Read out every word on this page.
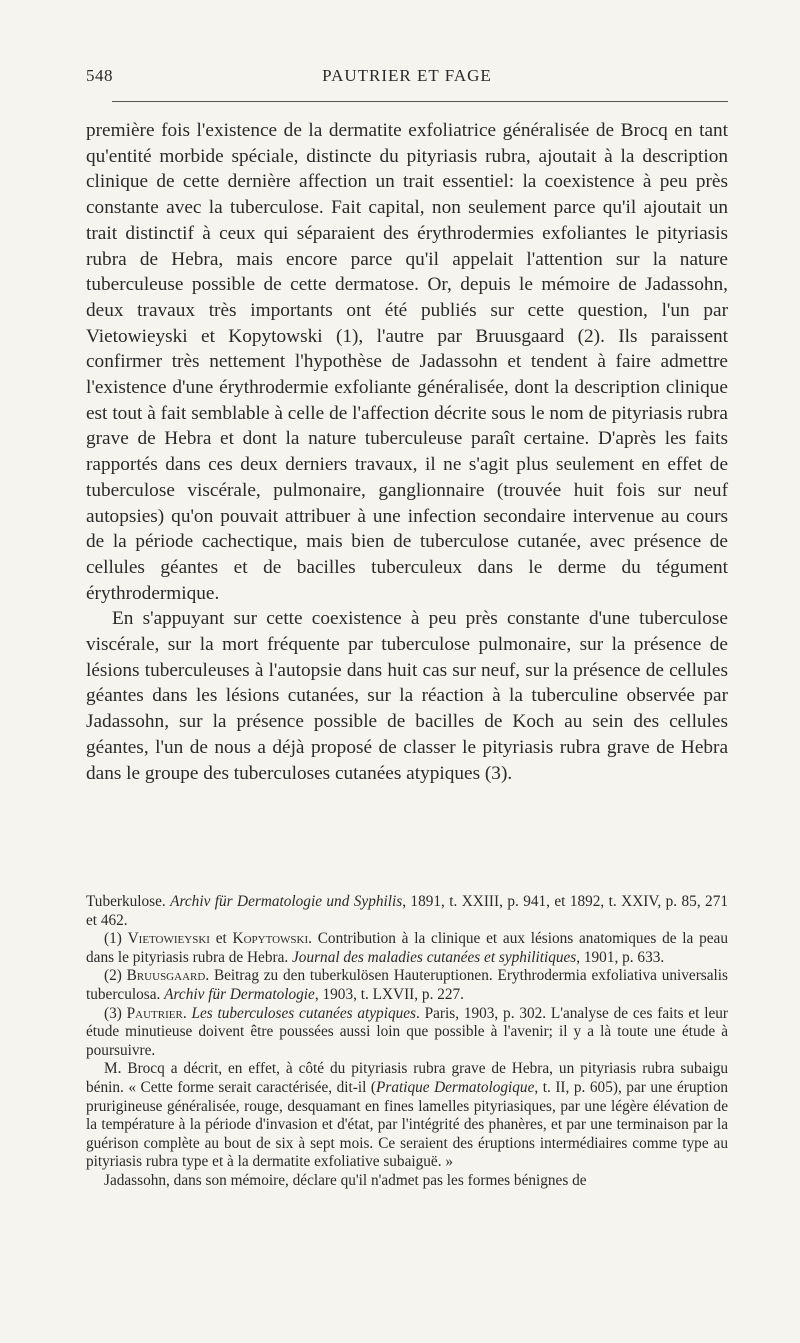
548	PAUTRIER ET FAGE

première fois l'existence de la dermatite exfoliatrice généralisée de Brocq en tant qu'entité morbide spéciale, distincte du pityriasis rubra, ajoutait à la description clinique de cette dernière affection un trait essentiel: la coexistence à peu près constante avec la tuberculose. Fait capital, non seulement parce qu'il ajoutait un trait distinctif à ceux qui séparaient des érythrodermies exfoliantes le pityriasis rubra de Hebra, mais encore parce qu'il appelait l'attention sur la nature tuberculeuse possible de cette dermatose. Or, depuis le mémoire de Jadassohn, deux travaux très importants ont été publiés sur cette question, l'un par Vietowieyski et Kopytowski (1), l'autre par Bruusgaard (2). Ils paraissent confirmer très nettement l'hypothèse de Jadassohn et tendent à faire admettre l'existence d'une érythrodermie exfoliante généralisée, dont la description clinique est tout à fait semblable à celle de l'affection décrite sous le nom de pityriasis rubra grave de Hebra et dont la nature tuberculeuse paraît certaine. D'après les faits rapportés dans ces deux derniers travaux, il ne s'agit plus seulement en effet de tuberculose viscérale, pulmonaire, ganglionnaire (trouvée huit fois sur neuf autopsies) qu'on pouvait attribuer à une infection secondaire intervenue au cours de la période cachectique, mais bien de tuberculose cutanée, avec présence de cellules géantes et de bacilles tuberculeux dans le derme du tégument érythrodermique.

En s'appuyant sur cette coexistence à peu près constante d'une tuberculose viscérale, sur la mort fréquente par tuberculose pulmonaire, sur la présence de lésions tuberculeuses à l'autopsie dans huit cas sur neuf, sur la présence de cellules géantes dans les lésions cutanées, sur la réaction à la tuberculine observée par Jadassohn, sur la présence possible de bacilles de Koch au sein des cellules géantes, l'un de nous a déjà proposé de classer le pityriasis rubra grave de Hebra dans le groupe des tuberculoses cutanées atypiques (3).

Tuberkulose. Archiv für Dermatologie und Syphilis, 1891, t. XXIII, p. 941, et 1892, t. XXIV, p. 85, 271 et 462.

(1) Vietowieyski et Kopytowski. Contribution à la clinique et aux lésions anatomiques de la peau dans le pityriasis rubra de Hebra. Journal des maladies cutanées et syphilitiques, 1901, p. 633.

(2) Bruusgaard. Beitrag zu den tuberkulösen Hauteruptionen. Erythrodermia exfoliativa universalis tuberculosa. Archiv für Dermatologie, 1903, t. LXVII, p. 227.

(3) Pautrier. Les tuberculoses cutanées atypiques. Paris, 1903, p. 302. L'analyse de ces faits et leur étude minutieuse doivent être poussées aussi loin que possible à l'avenir; il y a là toute une étude à poursuivre.

M. Brocq a décrit, en effet, à côté du pityriasis rubra grave de Hebra, un pityriasis rubra subaigu bénin. « Cette forme serait caractérisée, dit-il (Pratique Dermatologique, t. II, p. 605), par une éruption prurigineuse généralisée, rouge, desquamant en fines lamelles pityriasiques, par une légère élévation de la température à la période d'invasion et d'état, par l'intégrité des phanères, et par une terminaison par la guérison complète au bout de six à sept mois. Ce seraient des éruptions intermédiaires comme type au pityriasis rubra type et à la dermatite exfoliative subaiguë. »

Jadassohn, dans son mémoire, déclare qu'il n'admet pas les formes bénignes de
